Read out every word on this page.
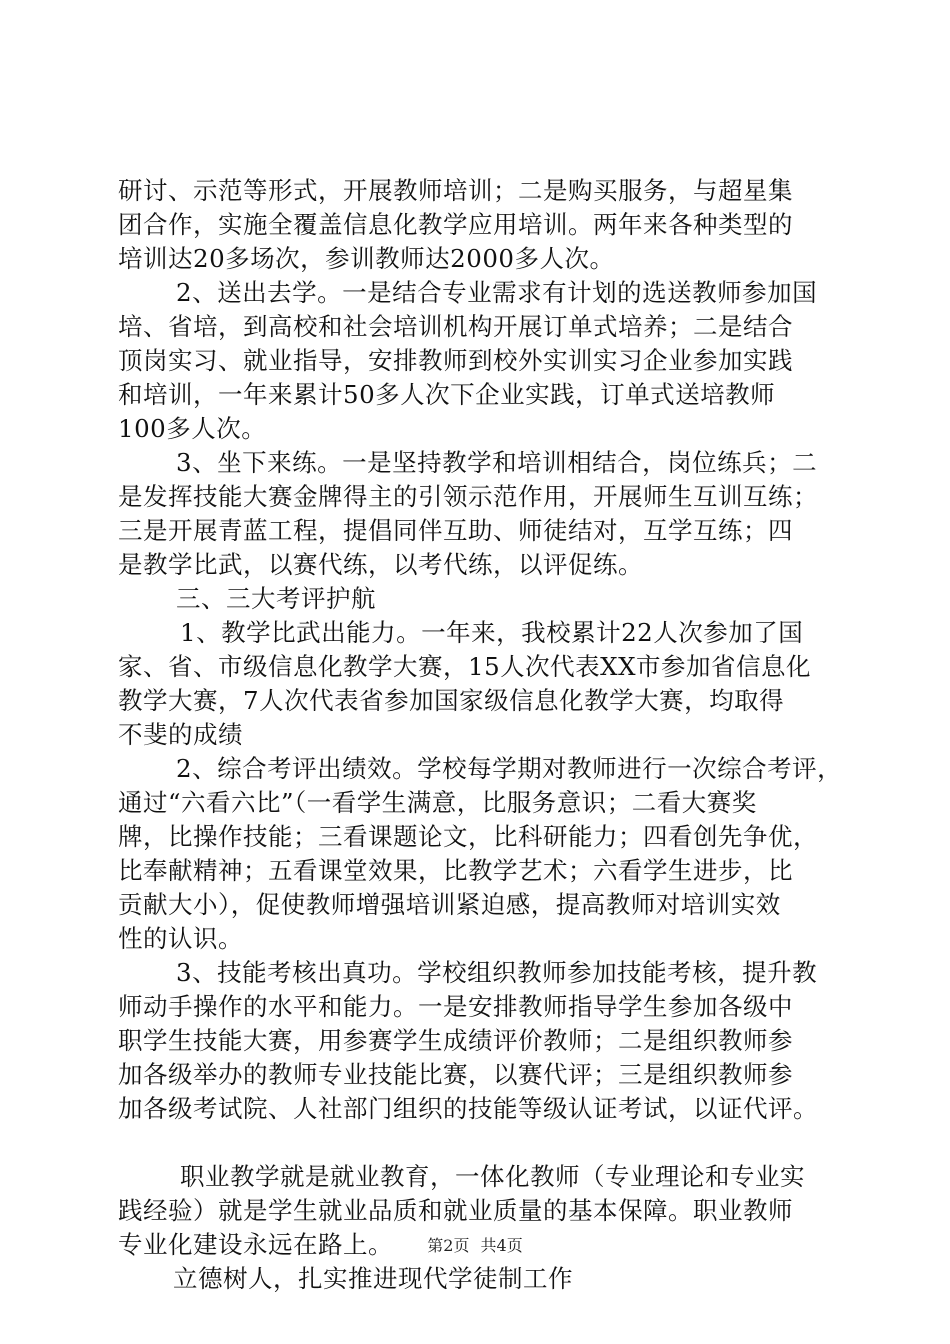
研讨、示范等形式，开展教师培训；二是购买服务，与超星集
团合作，实施全覆盖信息化教学应用培训。两年来各种类型的
培训达20多场次，参训教师达2000多人次。
2、送出去学。一是结合专业需求有计划的选送教师参加国
培、省培，到高校和社会培训机构开展订单式培养；二是结合
顶岗实习、就业指导，安排教师到校外实训实习企业参加实践
和培训，一年来累计50多人次下企业实践，订单式送培教师
100多人次。
3、坐下来练。一是坚持教学和培训相结合，岗位练兵；二
是发挥技能大赛金牌得主的引领示范作用，开展师生互训互练；
三是开展青蓝工程，提倡同伴互助、师徒结对，互学互练；四
是教学比武，以赛代练，以考代练，以评促练。
三、三大考评护航
1、教学比武出能力。一年来，我校累计22人次参加了国
家、省、市级信息化教学大赛，15人次代表XX市参加省信息化
教学大赛，7人次代表省参加国家级信息化教学大赛，均取得
不斐的成绩
2、综合考评出绩效。学校每学期对教师进行一次综合考评，
通过“六看六比”（一看学生满意，比服务意识；二看大赛奖
牌，比操作技能；三看课题论文，比科研能力；四看创先争优，
比奉献精神；五看课堂效果，比教学艺术；六看学生进步，比
贡献大小），促使教师增强培训紧迫感，提高教师对培训实效
性的认识。
3、技能考核出真功。学校组织教师参加技能考核，提升教
师动手操作的水平和能力。一是安排教师指导学生参加各级中
职学生技能大赛，用参赛学生成绩评价教师；二是组织教师参
加各级举办的教师专业技能比赛，以赛代评；三是组织教师参
加各级考试院、人社部门组织的技能等级认证考试，以证代评。
职业教学就是就业教育，一体化教师（专业理论和专业实
践经验）就是学生就业品质和就业质量的基本保障。职业教师
专业化建设永远在路上。
立德树人，扎实推进现代学徒制工作
第2页 共4页
